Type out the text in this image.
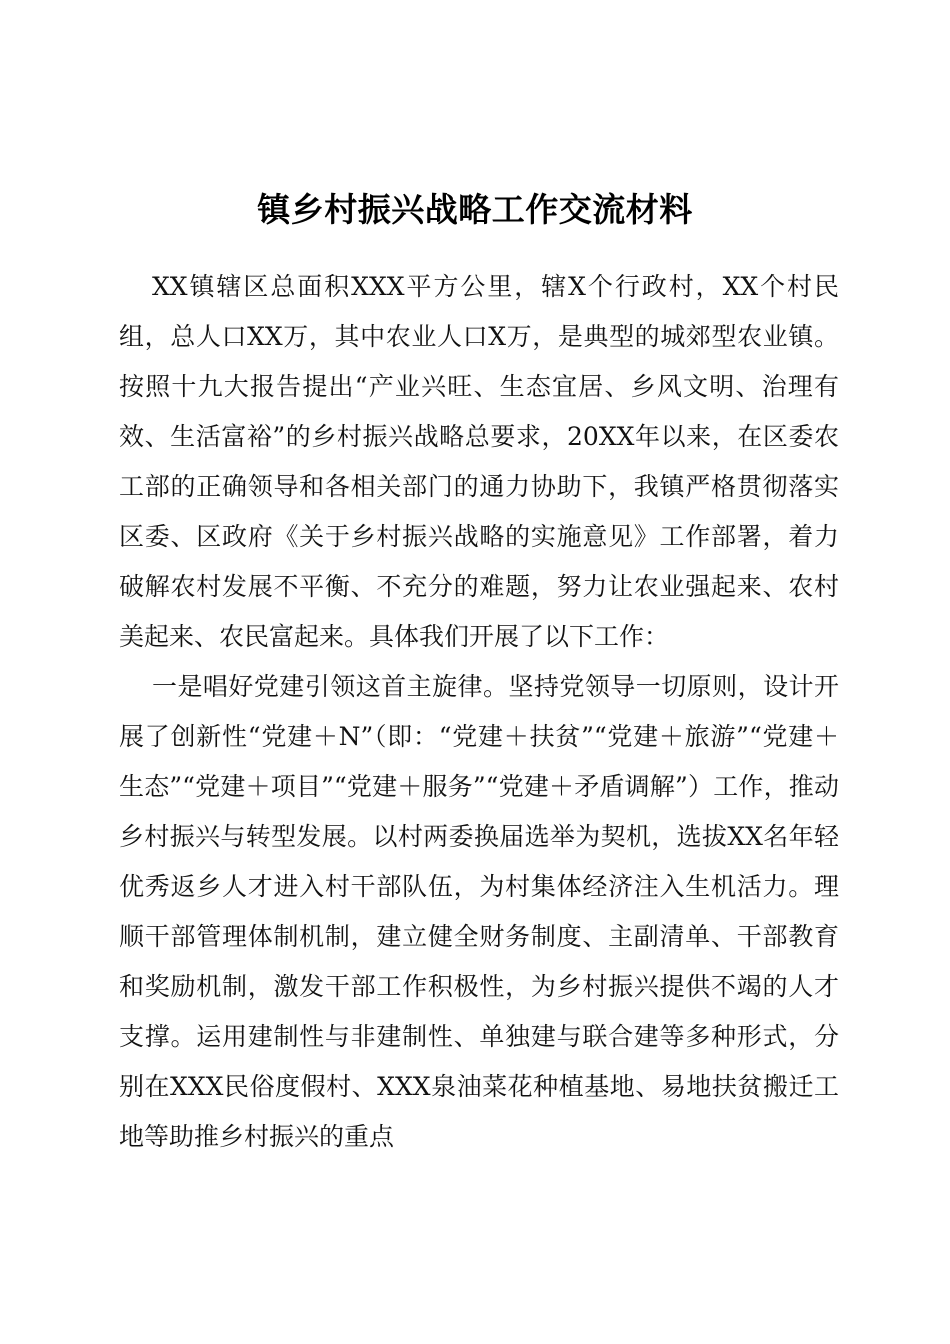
镇乡村振兴战略工作交流材料

XX镇辖区总面积XXX平方公里，辖X个行政村，XX个村民组，总人口XX万，其中农业人口X万，是典型的城郊型农业镇。按照十九大报告提出“产业兴旺、生态宜居、乡风文明、治理有效、生活富裕”的乡村振兴战略总要求，20XX年以来，在区委农工部的正确领导和各相关部门的通力协助下，我镇严格贯彻落实区委、区政府《关于乡村振兴战略的实施意见》工作部署，着力破解农村发展不平衡、不充分的难题，努力让农业强起来、农村美起来、农民富起来。具体我们开展了以下工作：

一是唱好党建引领这首主旋律。坚持党领导一切原则，设计开展了创新性“党建＋N”（即：“党建＋扶贫”“党建＋旅游”“党建＋生态”“党建＋项目”“党建＋服务”“党建＋矛盾调解”）工作，推动乡村振兴与转型发展。以村两委换届选举为契机，选拔XX名年轻优秀返乡人才进入村干部队伍，为村集体经济注入生机活力。理顺干部管理体制机制，建立健全财务制度、主副清单、干部教育和奖励机制，激发干部工作积极性，为乡村振兴提供不竭的人才支撑。运用建制性与非建制性、单独建与联合建等多种形式，分别在XXX民俗度假村、XXX泉油菜花种植基地、易地扶贫搬迁工地等助推乡村振兴的重点
